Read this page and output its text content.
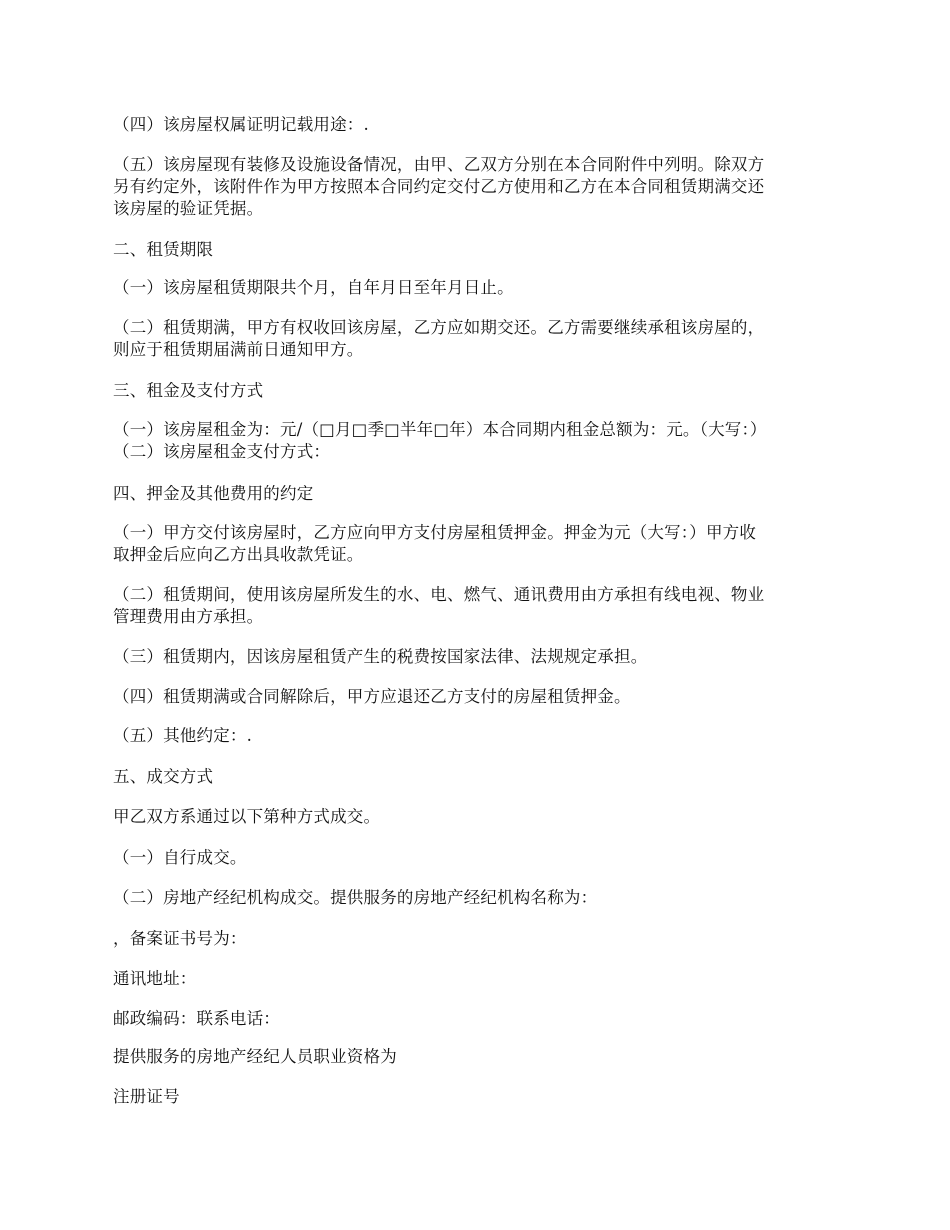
（四）该房屋权属证明记载用途：.

（五）该房屋现有装修及设施设备情况，由甲、乙双方分别在本合同附件中列明。除双方
另有约定外，该附件作为甲方按照本合同约定交付乙方使用和乙方在本合同租赁期满交还
该房屋的验证凭据。

二、租赁期限

（一）该房屋租赁期限共个月，自年月日至年月日止。

（二）租赁期满，甲方有权收回该房屋，乙方应如期交还。乙方需要继续承租该房屋的，
则应于租赁期届满前日通知甲方。

三、租金及支付方式

（一）该房屋租金为：元/（□月□季□半年□年）本合同期内租金总额为：元。（大写：）
（二）该房屋租金支付方式：

四、押金及其他费用的约定

（一）甲方交付该房屋时，乙方应向甲方支付房屋租赁押金。押金为元（大写：）甲方收
取押金后应向乙方出具收款凭证。
（二）租赁期间，使用该房屋所发生的水、电、燃气、通讯费用由方承担有线电视、物业
管理费用由方承担。

（三）租赁期内，因该房屋租赁产生的税费按国家法律、法规规定承担。

（四）租赁期满或合同解除后，甲方应退还乙方支付的房屋租赁押金。

（五）其他约定：.

五、成交方式

甲乙双方系通过以下第种方式成交。

（一）自行成交。

（二）房地产经纪机构成交。提供服务的房地产经纪机构名称为：

，备案证书号为：

通讯地址：

邮政编码：联系电话：

提供服务的房地产经纪人员职业资格为

注册证号
